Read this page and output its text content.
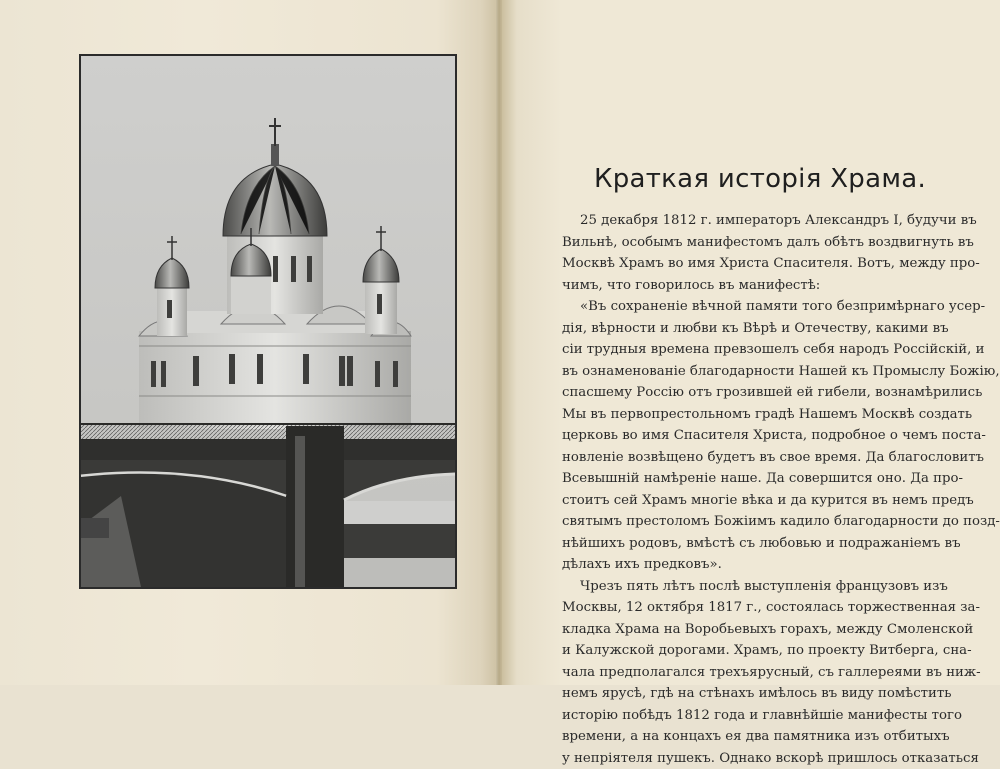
Краткая исторія Храма.
25 декабря 1812 г. императоръ Александръ I, будучи въ
Вильнѣ, особымъ манифестомъ далъ обѣтъ воздвигнуть въ
Москвѣ Храмъ во имя Христа Спасителя. Вотъ, между про-
чимъ, что говорилось въ манифестѣ:
«Въ сохраненіе вѣчной памяти того безпримѣрнаго усер-
дія, вѣрности и любви къ Вѣрѣ и Отечеству, какими въ
сіи трудныя времена превзошелъ себя народъ Россійскій, и
въ ознаменованіе благодарности Нашей къ Промыслу Божію,
спасшему Россію отъ грозившей ей гибели, вознамѣрились
Мы въ первопрестольномъ градѣ Нашемъ Москвѣ создать
церковь во имя Спасителя Христа, подробное о чемъ поста-
новленіе возвѣщено будетъ въ свое время. Да благословитъ
Всевышній намѣреніе наше. Да совершится оно. Да про-
стоитъ сей Храмъ многіе вѣка и да курится въ немъ предъ
святымъ престоломъ Божіимъ кадило благодарности до позд-
нѣйшихъ родовъ, вмѣстѣ съ любовью и подражаніемъ въ
дѣлахъ ихъ предковъ».
Чрезъ пять лѣтъ послѣ выступленія французовъ изъ
Москвы, 12 октября 1817 г., состоялась торжественная за-
кладка Храма на Воробьевыхъ горахъ, между Смоленской
и Калужской дорогами. Храмъ, по проекту Витберга, сна-
чала предполагался трехъярусный, съ галлереями въ ниж-
немъ ярусѣ, гдѣ на стѣнахъ имѣлось въ виду помѣстить
исторію побѣдъ 1812 года и главнѣйшіе манифесты того
времени, а на концахъ ея два памятника изъ отбитыхъ
у непріятеля пушекъ. Однако вскорѣ пришлось отказаться
